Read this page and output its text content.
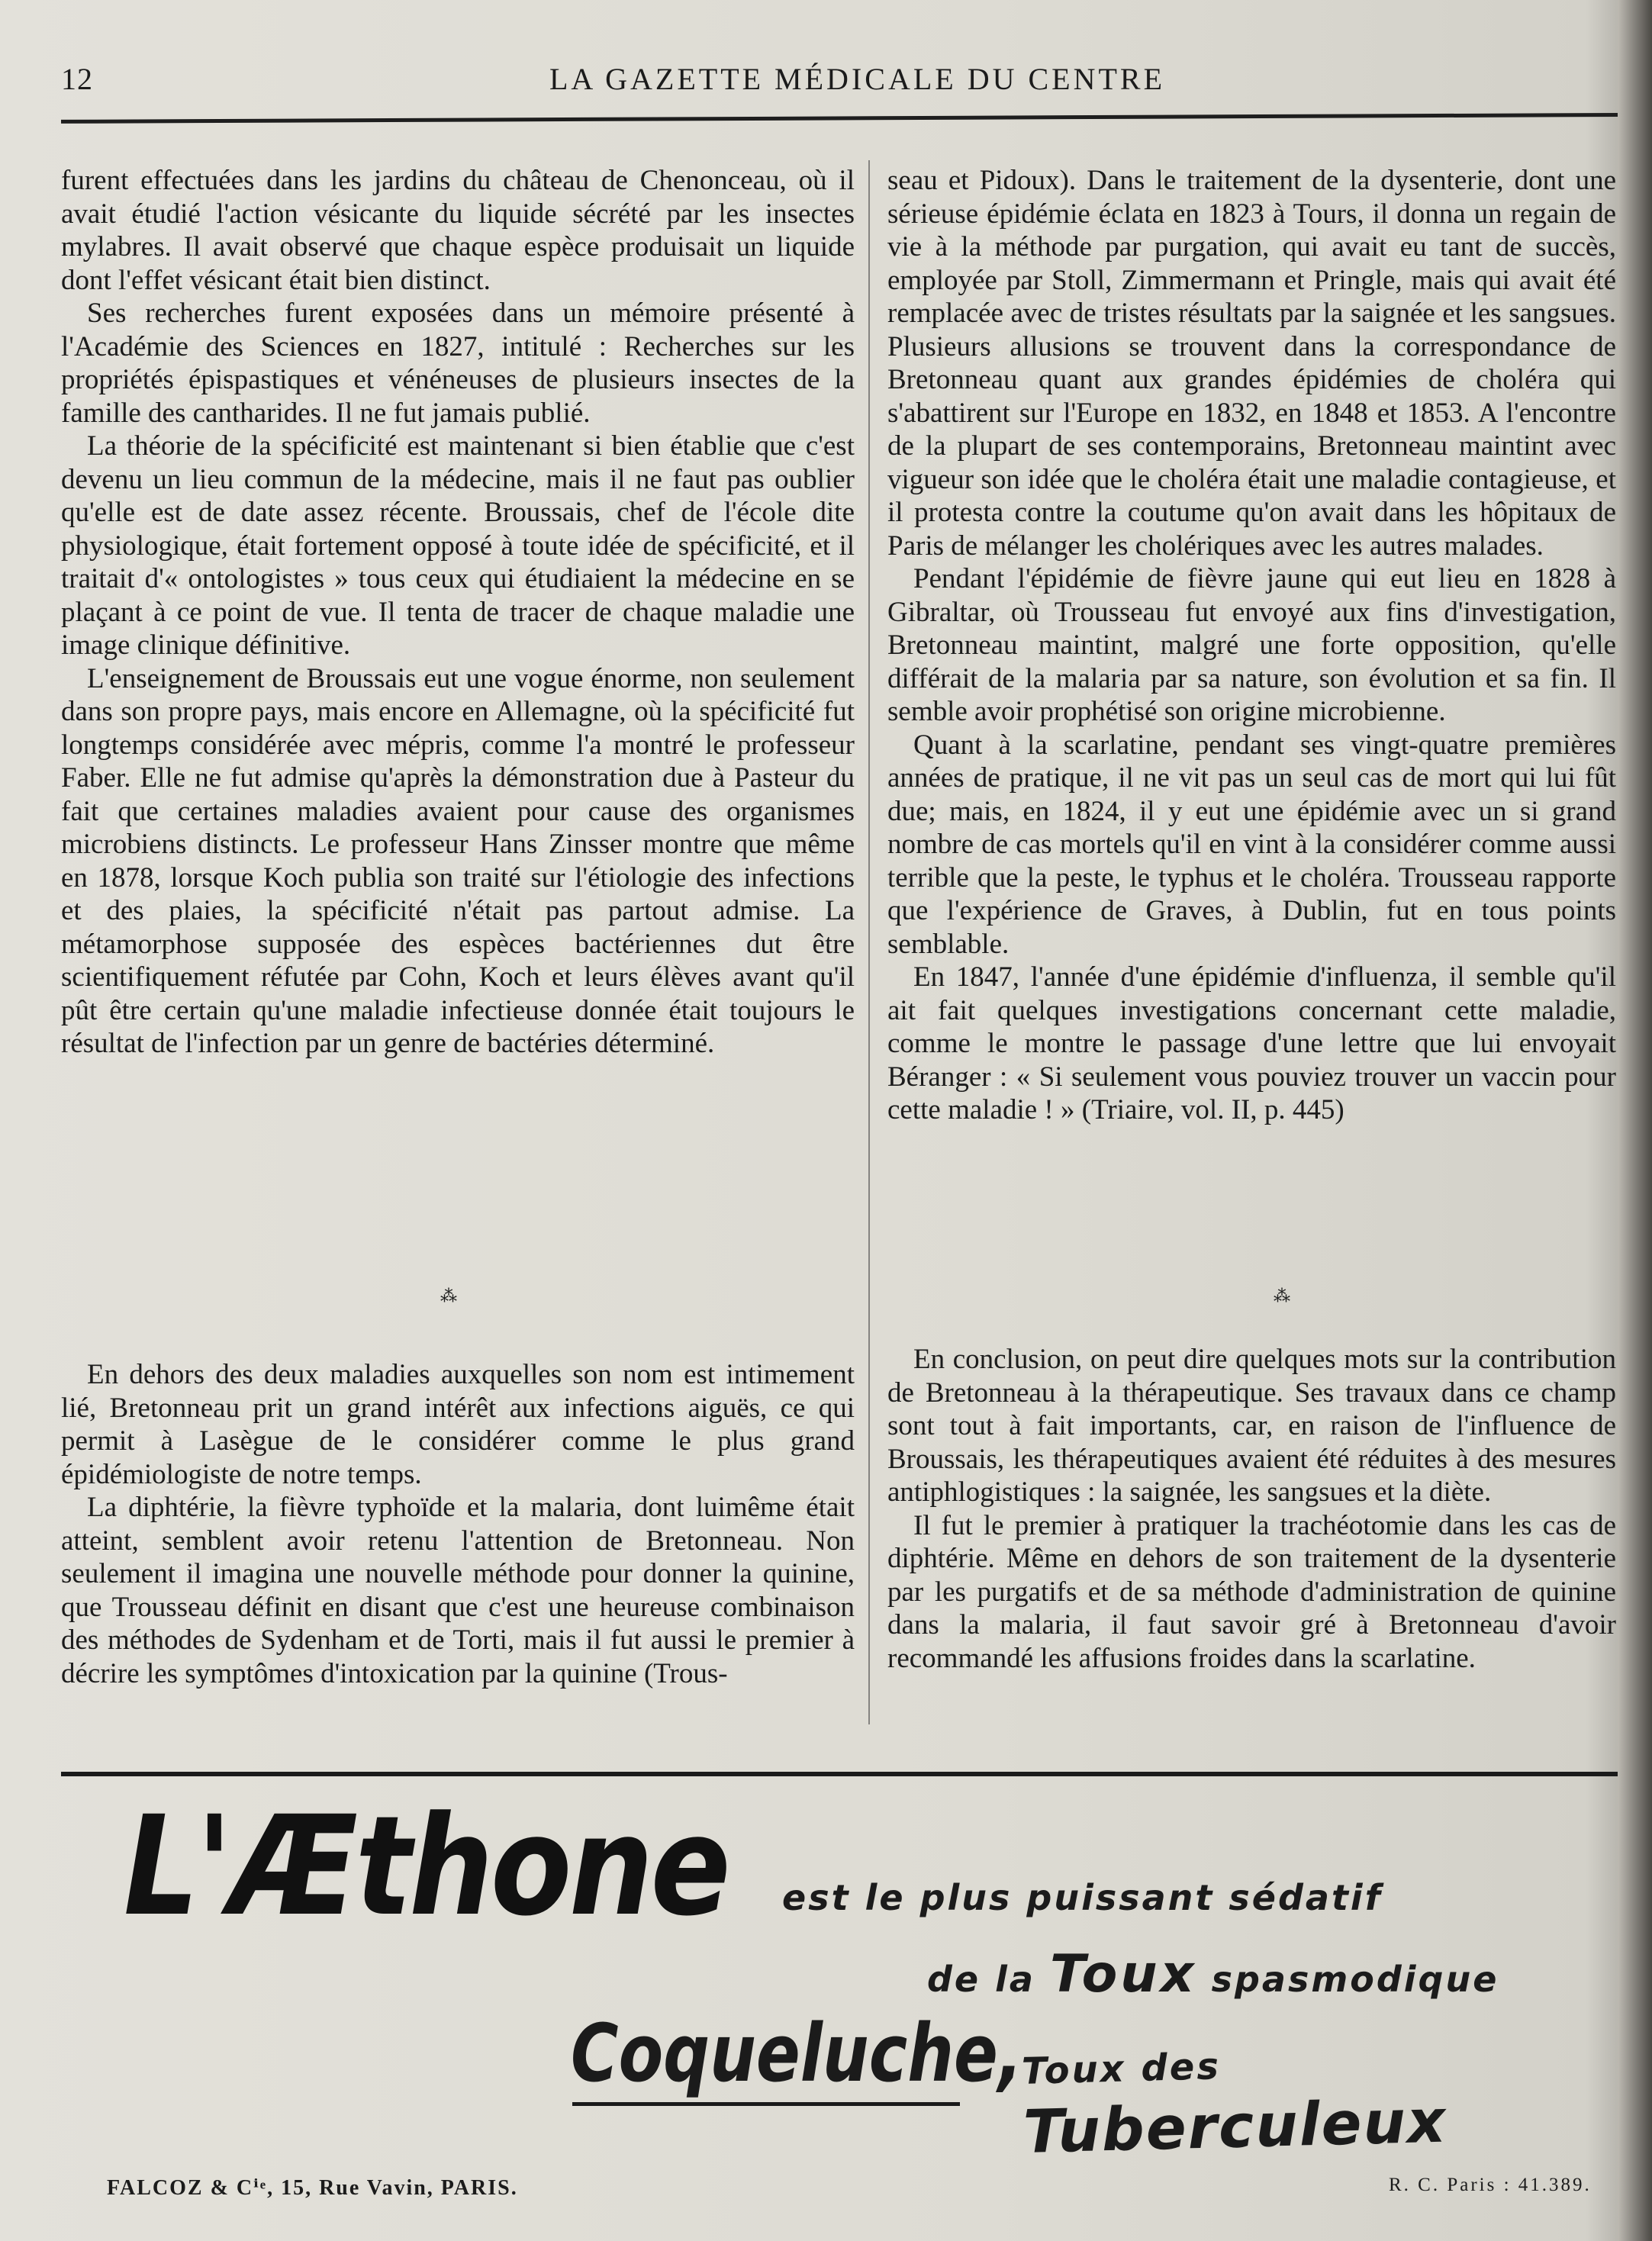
12	LA GAZETTE MÉDICALE DU CENTRE

furent effectuées dans les jardins du château de Chenonceau, où il avait étudié l'action vésicante du liquide sécrété par les insectes mylabres. Il avait observé que chaque espèce produisait un liquide dont l'effet vésicant était bien distinct.

Ses recherches furent exposées dans un mémoire présenté à l'Académie des Sciences en 1827, intitulé : Recherches sur les propriétés épispastiques et vénéneuses de plusieurs insectes de la famille des cantharides. Il ne fut jamais publié.

La théorie de la spécificité est maintenant si bien établie que c'est devenu un lieu commun de la médecine, mais il ne faut pas oublier qu'elle est de date assez récente. Broussais, chef de l'école dite physiologique, était fortement opposé à toute idée de spécificité, et il traitait d'« ontologistes » tous ceux qui étudiaient la médecine en se plaçant à ce point de vue. Il tenta de tracer de chaque maladie une image clinique définitive.

L'enseignement de Broussais eut une vogue énorme, non seulement dans son propre pays, mais encore en Allemagne, où la spécificité fut longtemps considérée avec mépris, comme l'a montré le professeur Faber. Elle ne fut admise qu'après la démonstration due à Pasteur du fait que certaines maladies avaient pour cause des organismes microbiens distincts. Le professeur Hans Zinsser montre que même en 1878, lorsque Koch publia son traité sur l'étiologie des infections et des plaies, la spécificité n'était pas partout admise. La métamorphose supposée des espèces bactériennes dut être scientifiquement réfutée par Cohn, Koch et leurs élèves avant qu'il pût être certain qu'une maladie infectieuse donnée était toujours le résultat de l'infection par un genre de bactéries déterminé.

⁂

En dehors des deux maladies auxquelles son nom est intimement lié, Bretonneau prit un grand intérêt aux infections aiguës, ce qui permit à Lasègue de le considérer comme le plus grand épidémiologiste de notre temps.

La diphtérie, la fièvre typhoïde et la malaria, dont luimême était atteint, semblent avoir retenu l'attention de Bretonneau. Non seulement il imagina une nouvelle méthode pour donner la quinine, que Trousseau définit en disant que c'est une heureuse combinaison des méthodes de Sydenham et de Torti, mais il fut aussi le premier à décrire les symptômes d'intoxication par la quinine (Trous-

seau et Pidoux). Dans le traitement de la dysenterie, dont une sérieuse épidémie éclata en 1823 à Tours, il donna un regain de vie à la méthode par purgation, qui avait eu tant de succès, employée par Stoll, Zimmermann et Pringle, mais qui avait été remplacée avec de tristes résultats par la saignée et les sangsues. Plusieurs allusions se trouvent dans la correspondance de Bretonneau quant aux grandes épidémies de choléra qui s'abattirent sur l'Europe en 1832, en 1848 et 1853. A l'encontre de la plupart de ses contemporains, Bretonneau maintint avec vigueur son idée que le choléra était une maladie contagieuse, et il protesta contre la coutume qu'on avait dans les hôpitaux de Paris de mélanger les cholériques avec les autres malades.

Pendant l'épidémie de fièvre jaune qui eut lieu en 1828 à Gibraltar, où Trousseau fut envoyé aux fins d'investigation, Bretonneau maintint, malgré une forte opposition, qu'elle différait de la malaria par sa nature, son évolution et sa fin. Il semble avoir prophétisé son origine microbienne.

Quant à la scarlatine, pendant ses vingt-quatre premières années de pratique, il ne vit pas un seul cas de mort qui lui fût due; mais, en 1824, il y eut une épidémie avec un si grand nombre de cas mortels qu'il en vint à la considérer comme aussi terrible que la peste, le typhus et le choléra. Trousseau rapporte que l'expérience de Graves, à Dublin, fut en tous points semblable.

En 1847, l'année d'une épidémie d'influenza, il semble qu'il ait fait quelques investigations concernant cette maladie, comme le montre le passage d'une lettre que lui envoyait Béranger : « Si seulement vous pouviez trouver un vaccin pour cette maladie ! » (Triaire, vol. II, p. 445)

⁂

En conclusion, on peut dire quelques mots sur la contribution de Bretonneau à la thérapeutique. Ses travaux dans ce champ sont tout à fait importants, car, en raison de l'influence de Broussais, les thérapeutiques avaient été réduites à des mesures antiphlogistiques : la saignée, les sangsues et la diète.

Il fut le premier à pratiquer la trachéotomie dans les cas de diphtérie. Même en dehors de son traitement de la dysenterie par les purgatifs et de sa méthode d'administration de quinine dans la malaria, il faut savoir gré à Bretonneau d'avoir recommandé les affusions froides dans la scarlatine.

L'Æthone est le plus puissant sédatif
de la Toux spasmodique
Coqueluche,
Toux des Tuberculeux
FALCOZ & Cⁱᵉ, 15, Rue Vavin, PARIS.	R. C. Paris : 41.389.
